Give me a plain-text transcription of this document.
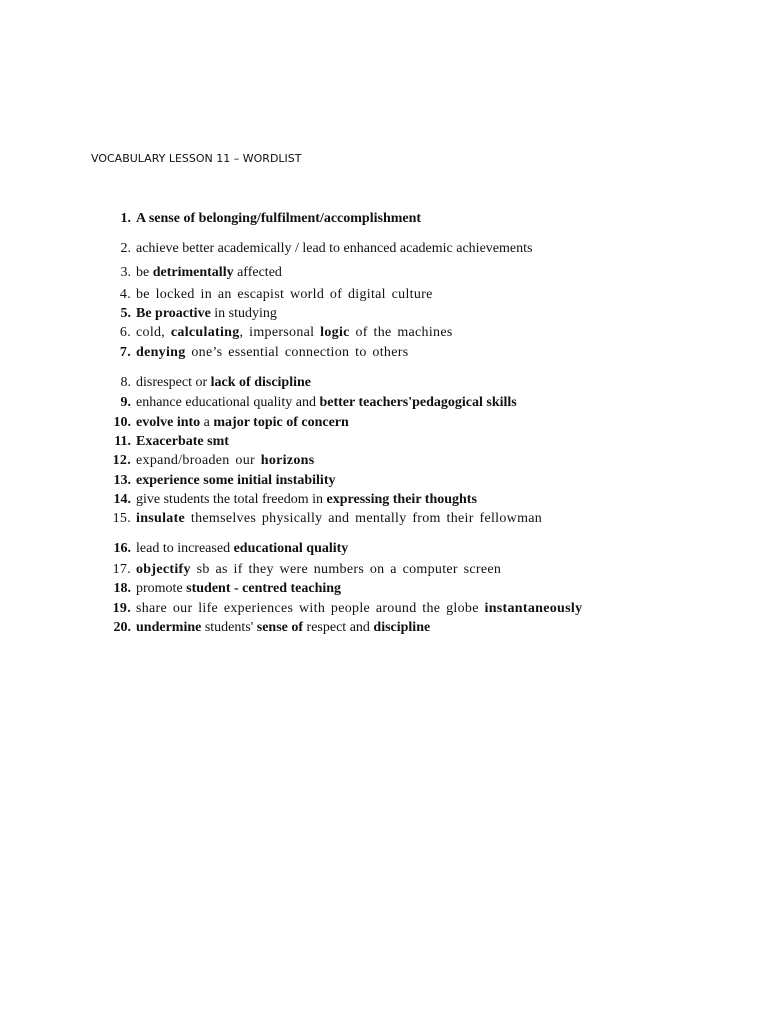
VOCABULARY LESSON 11 – WORDLIST
1. A sense of belonging/fulfilment/accomplishment
2. achieve better academically / lead to enhanced academic achievements
3. be detrimentally affected
4. be locked in an escapist world of digital culture
5. Be proactive in studying
6. cold, calculating, impersonal logic of the machines
7. denying one’s essential connection to others
8. disrespect or lack of discipline
9. enhance educational quality and better teachers'pedagogical skills
10. evolve into a major topic of concern
11. Exacerbate smt
12. expand/broaden our horizons
13. experience some initial instability
14. give students the total freedom in expressing their thoughts
15. insulate themselves physically and mentally from their fellowman
16. lead to increased educational quality
17. objectify sb as if they were numbers on a computer screen
18. promote student - centred teaching
19. share our life experiences with people around the globe instantaneously
20. undermine students' sense of respect and discipline
